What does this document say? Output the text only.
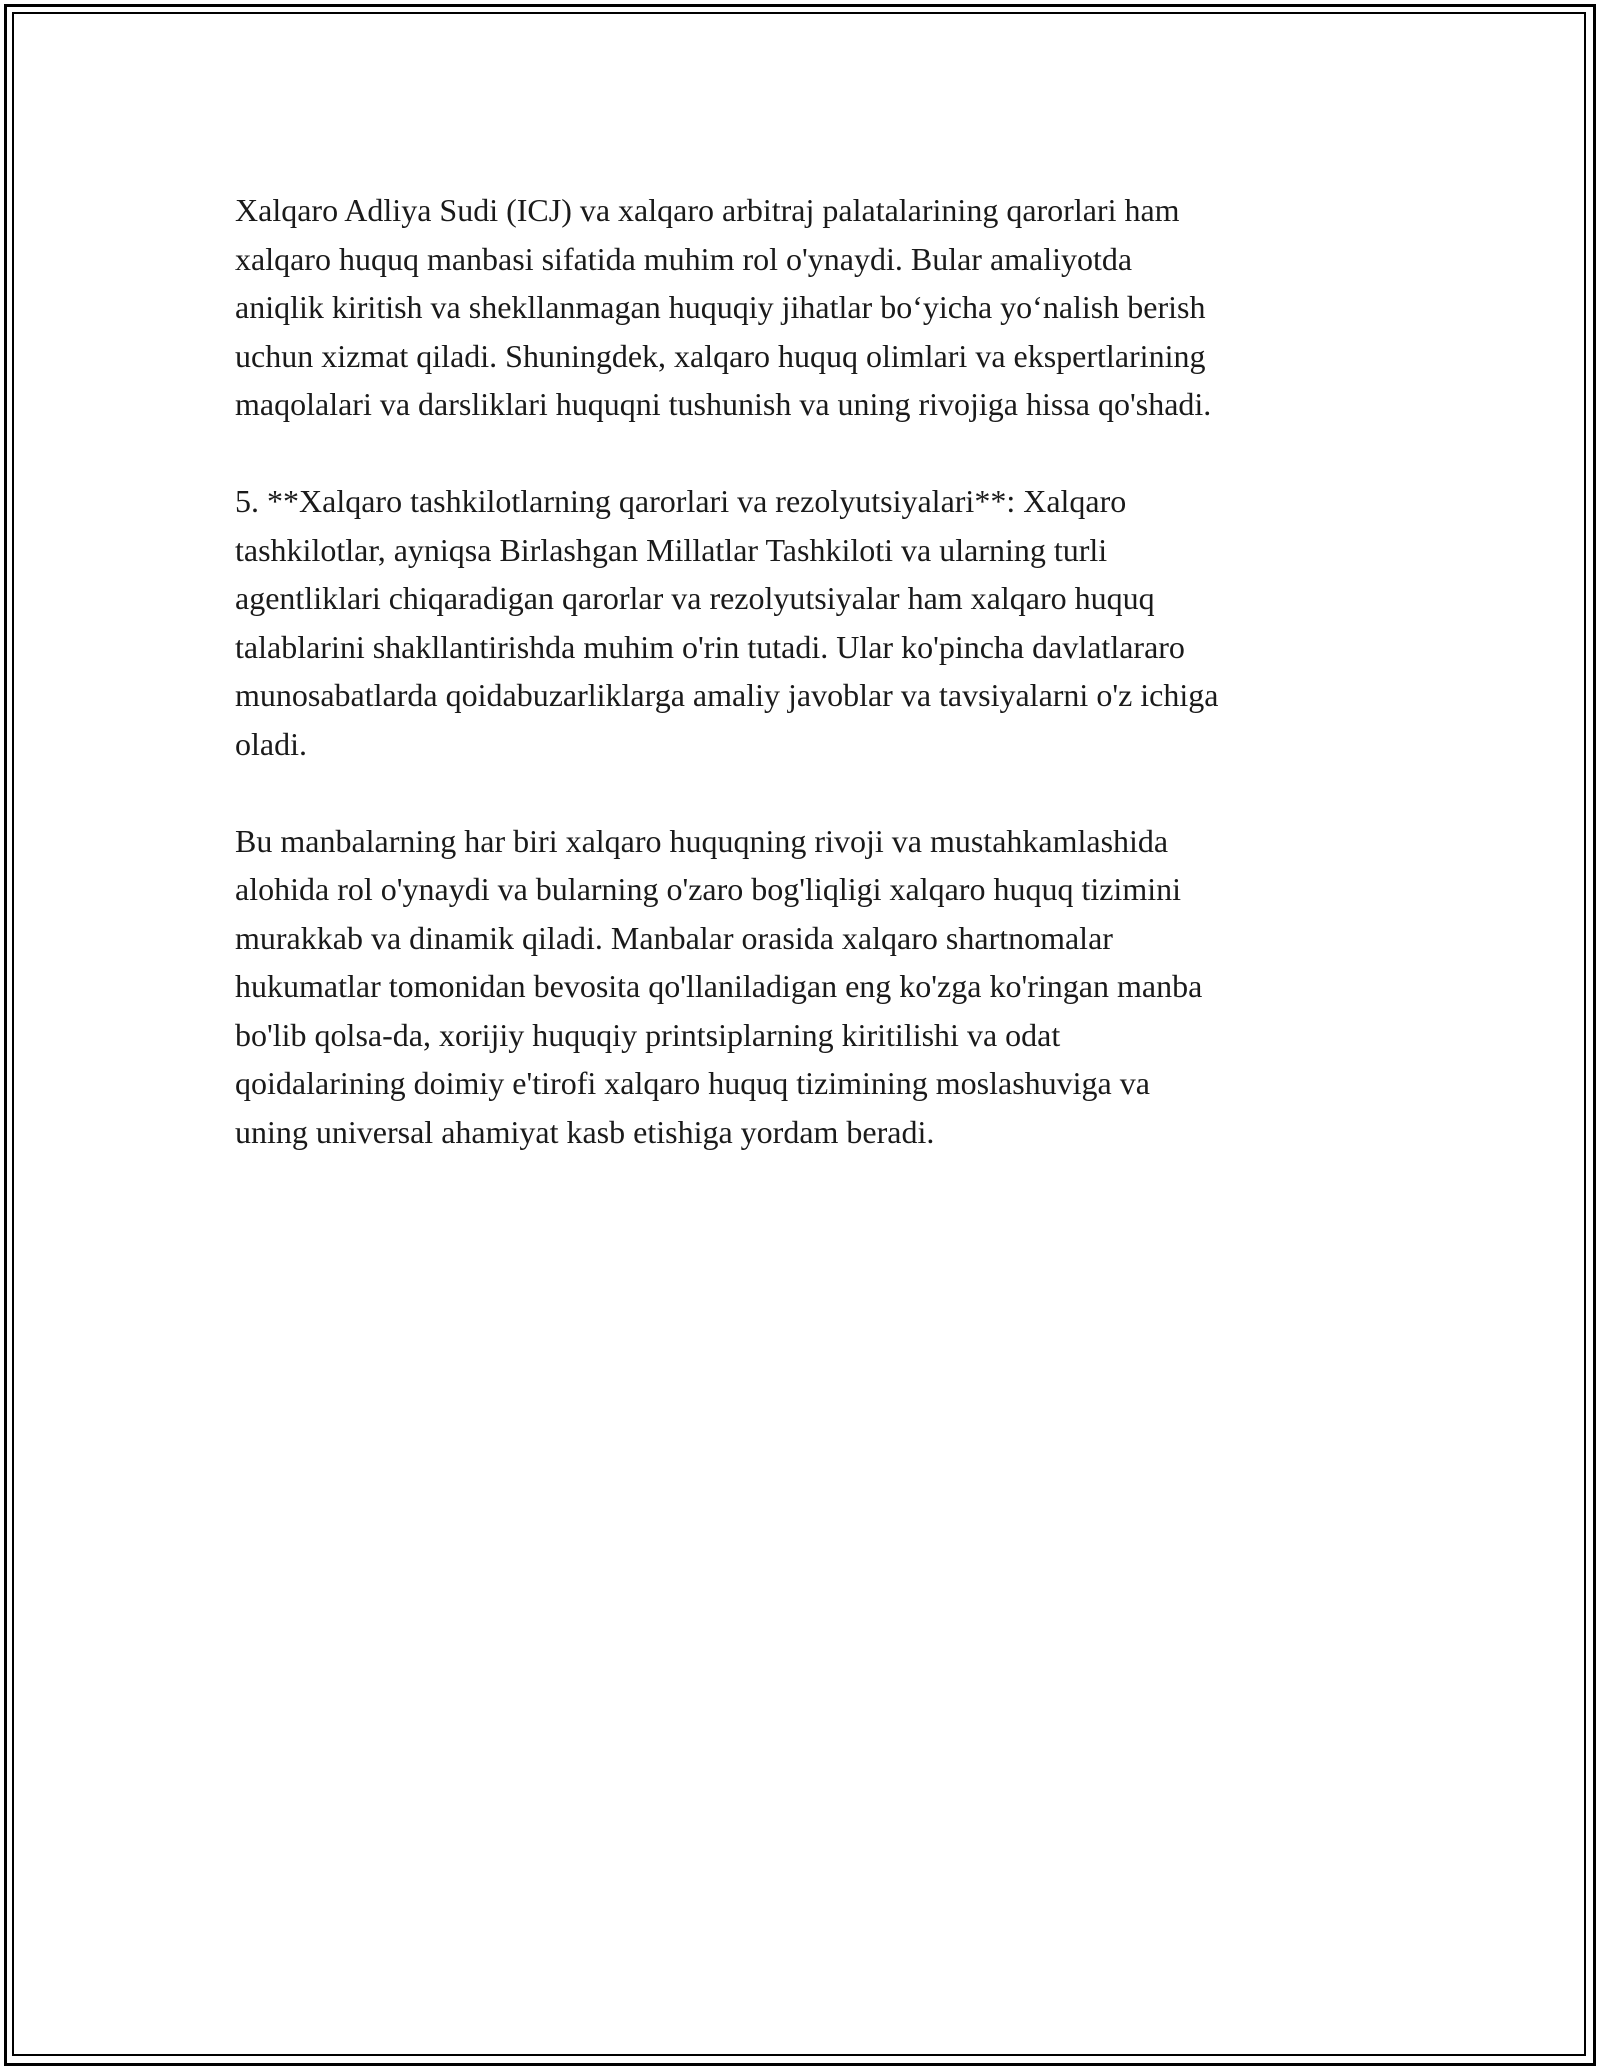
Xalqaro Adliya Sudi (ICJ) va xalqaro arbitraj palatalarining qarorlari ham
xalqaro huquq manbasi sifatida muhim rol o'ynaydi. Bular amaliyotda
aniqlik kiritish va shekllanmagan huquqiy jihatlar bo‘yicha yo‘nalish berish
uchun xizmat qiladi. Shuningdek, xalqaro huquq olimlari va ekspertlarining
maqolalari va darsliklari huquqni tushunish va uning rivojiga hissa qo'shadi.

5. **Xalqaro tashkilotlarning qarorlari va rezolyutsiyalari**: Xalqaro
tashkilotlar, ayniqsa Birlashgan Millatlar Tashkiloti va ularning turli
agentliklari chiqaradigan qarorlar va rezolyutsiyalar ham xalqaro huquq
talablarini shakllantirishda muhim o'rin tutadi. Ular ko'pincha davlatlararo
munosabatlarda qoidabuzarliklarga amaliy javoblar va tavsiyalarni o'z ichiga
oladi.

Bu manbalarning har biri xalqaro huquqning rivoji va mustahkamlashida
alohida rol o'ynaydi va bularning o'zaro bog'liqligi xalqaro huquq tizimini
murakkab va dinamik qiladi. Manbalar orasida xalqaro shartnomalar
hukumatlar tomonidan bevosita qo'llaniladigan eng ko'zga ko'ringan manba
bo'lib qolsa-da, xorijiy huquqiy printsiplarning kiritilishi va odat
qoidalarining doimiy e'tirofi xalqaro huquq tizimining moslashuviga va
uning universal ahamiyat kasb etishiga yordam beradi.
